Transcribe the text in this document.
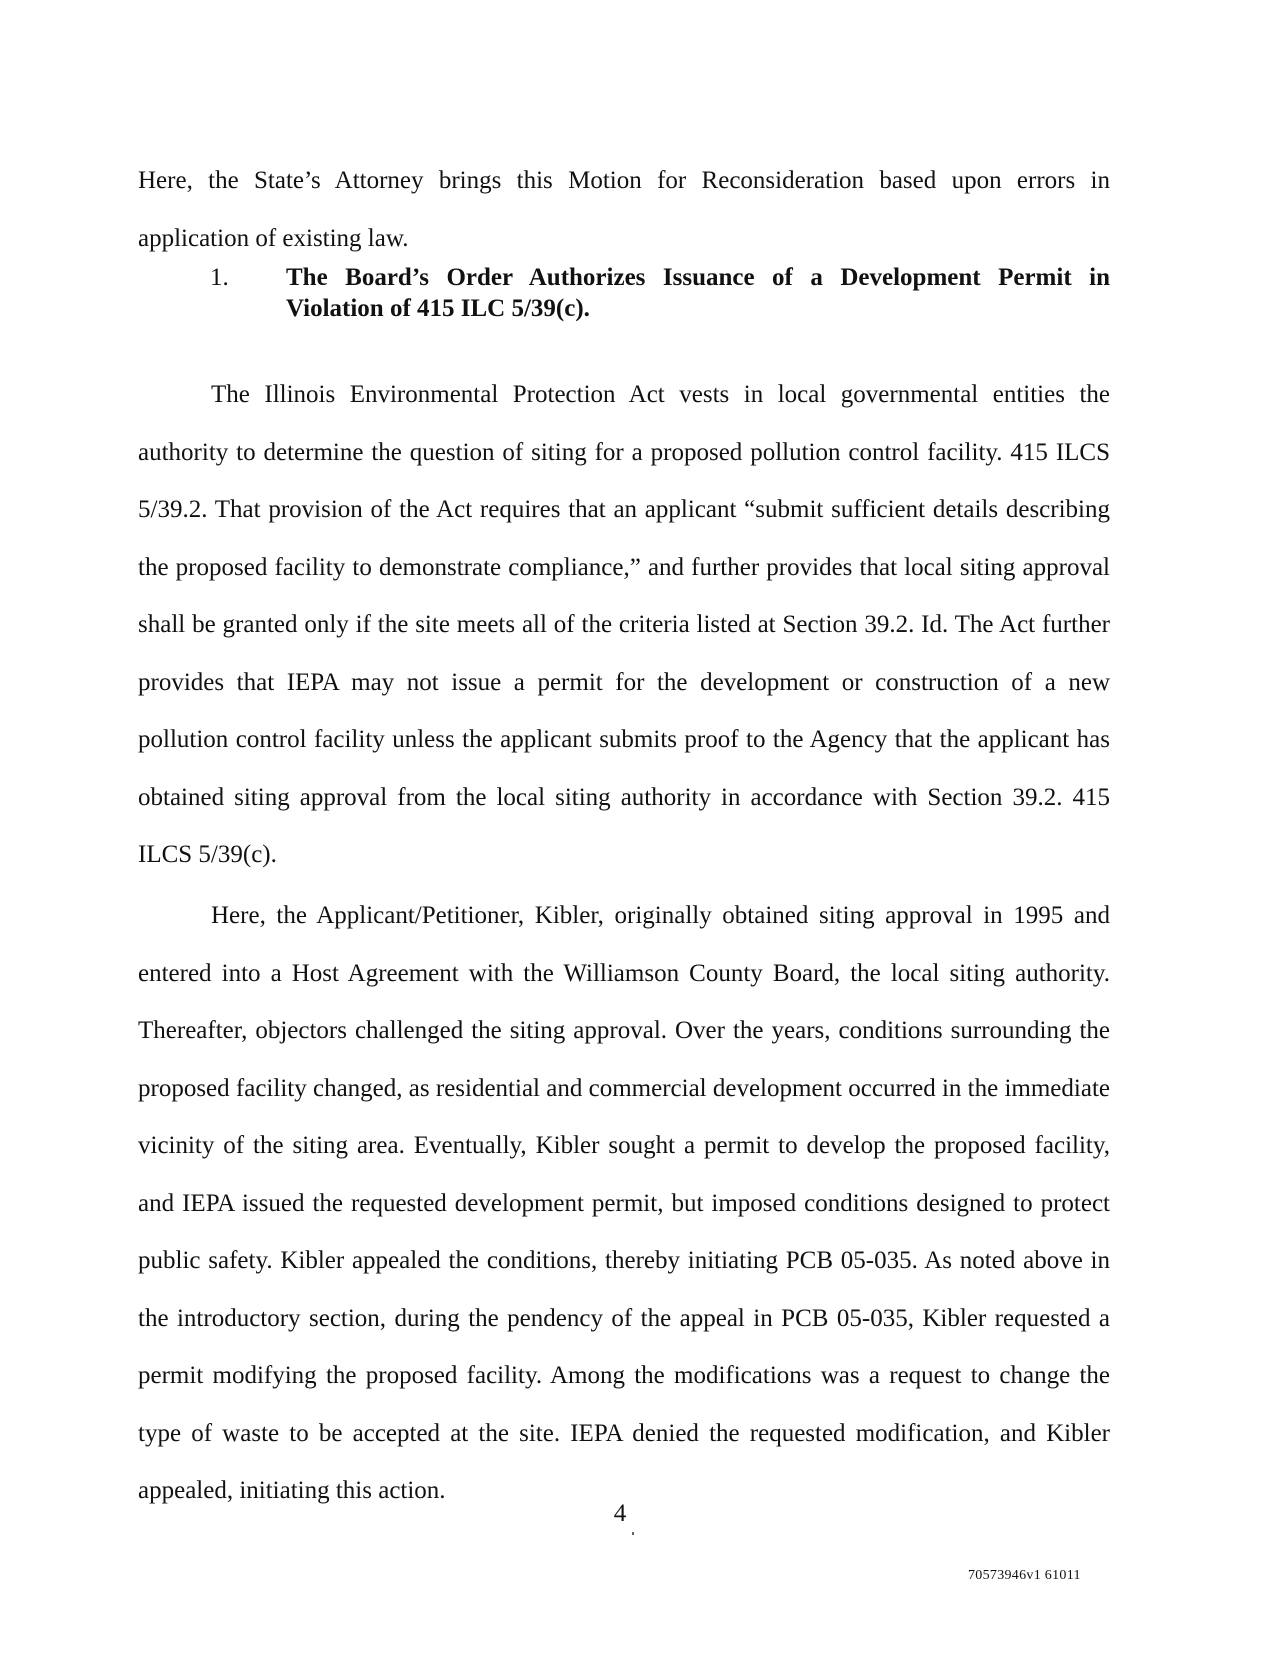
Here, the State’s Attorney brings this Motion for Reconsideration based upon errors in application of existing law.

1. The Board’s Order Authorizes Issuance of a Development Permit in
Violation of 415 ILC 5/39(c).

The Illinois Environmental Protection Act vests in local governmental entities the authority to determine the question of siting for a proposed pollution control facility. 415 ILCS 5/39.2. That provision of the Act requires that an applicant “submit sufficient details describing the proposed facility to demonstrate compliance,” and further provides that local siting approval shall be granted only if the site meets all of the criteria listed at Section 39.2. Id. The Act further provides that IEPA may not issue a permit for the development or construction of a new pollution control facility unless the applicant submits proof to the Agency that the applicant has obtained siting approval from the local siting authority in accordance with Section 39.2. 415 ILCS 5/39(c).

Here, the Applicant/Petitioner, Kibler, originally obtained siting approval in 1995 and entered into a Host Agreement with the Williamson County Board, the local siting authority. Thereafter, objectors challenged the siting approval. Over the years, conditions surrounding the proposed facility changed, as residential and commercial development occurred in the immediate vicinity of the siting area. Eventually, Kibler sought a permit to develop the proposed facility, and IEPA issued the requested development permit, but imposed conditions designed to protect public safety. Kibler appealed the conditions, thereby initiating PCB 05-035. As noted above in the introductory section, during the pendency of the appeal in PCB 05-035, Kibler requested a permit modifying the proposed facility. Among the modifications was a request to change the type of waste to be accepted at the site. IEPA denied the requested modification, and Kibler appealed, initiating this action.

4
70573946v1 61011
